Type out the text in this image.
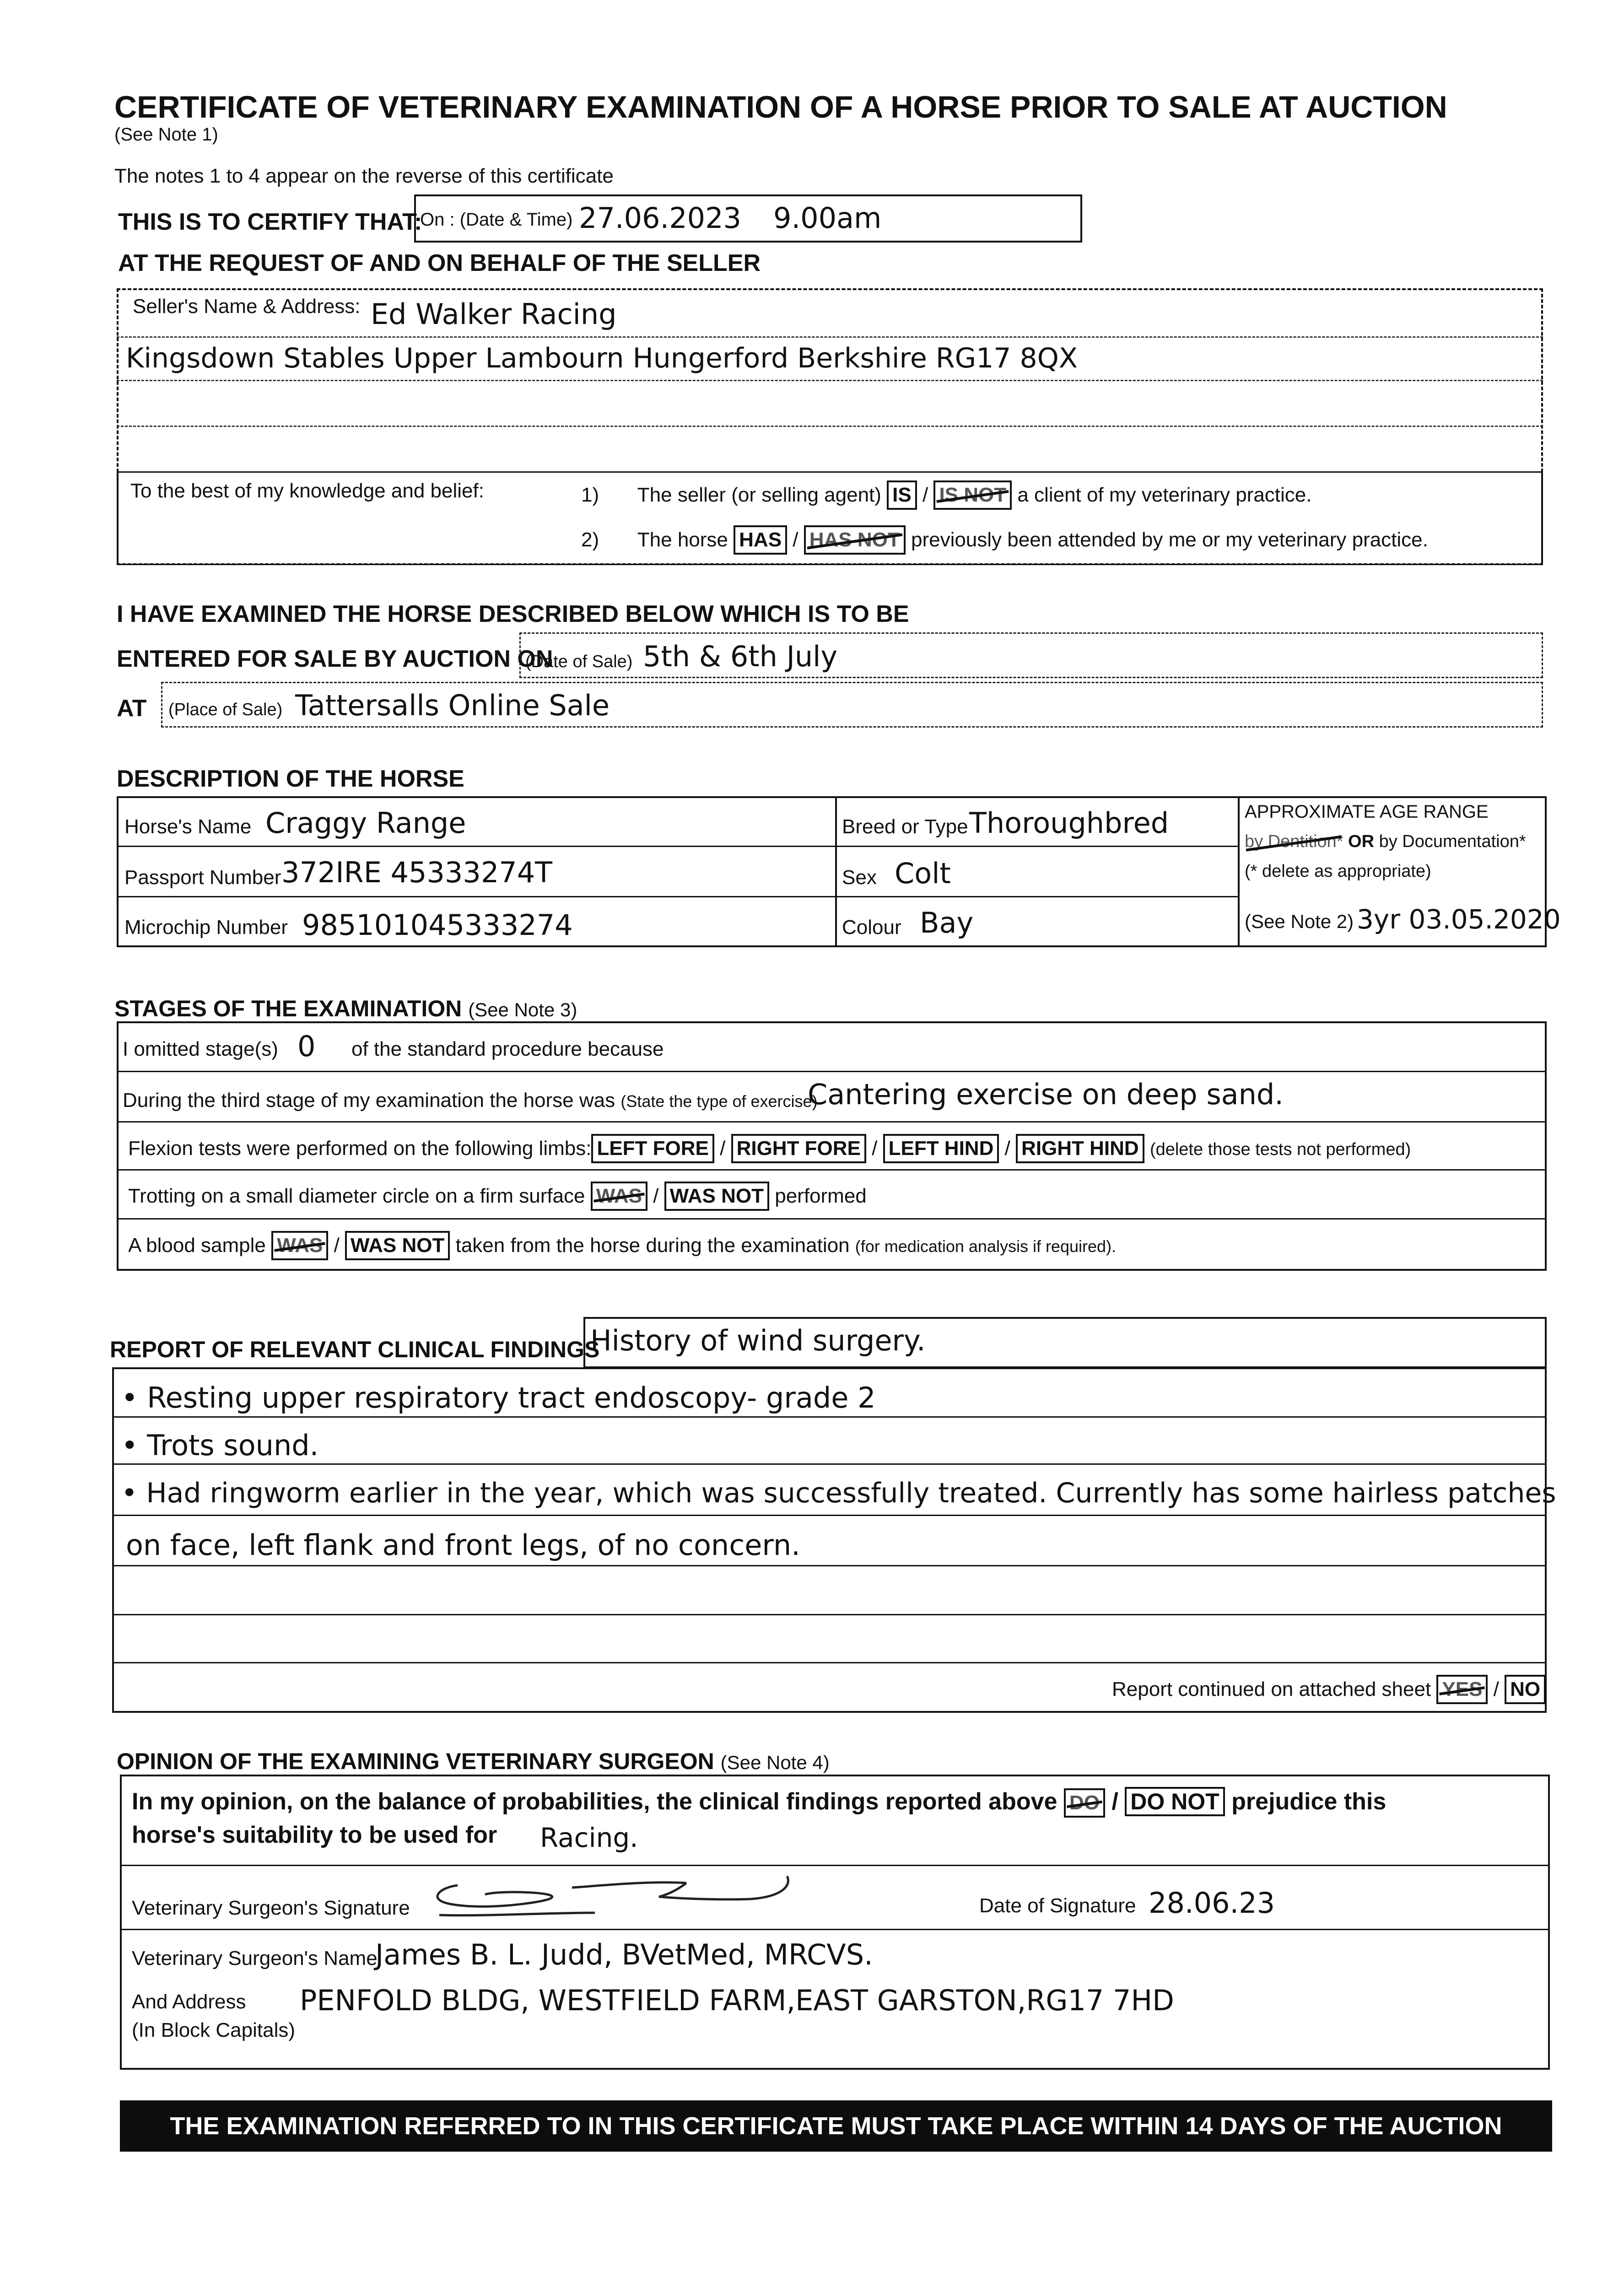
CERTIFICATE OF VETERINARY EXAMINATION OF A HORSE PRIOR TO SALE AT AUCTION
(See Note 1)
The notes 1 to 4 appear on the reverse of this certificate
THIS IS TO CERTIFY THAT:
On : (Date & Time) 27.06.2023 9.00am
AT THE REQUEST OF AND ON BEHALF OF THE SELLER
Seller's Name & Address: Ed Walker Racing
Kingsdown Stables Upper Lambourn Hungerford Berkshire RG17 8QX
To the best of my knowledge and belief:	1) The seller (or selling agent) IS / IS NOT a client of my veterinary practice.
2) The horse HAS / HAS NOT previously been attended by me or my veterinary practice.
I HAVE EXAMINED THE HORSE DESCRIBED BELOW WHICH IS TO BE
ENTERED FOR SALE BY AUCTION ON
(Date of Sale) 5th & 6th July
AT (Place of Sale) Tattersalls Online Sale
DESCRIPTION OF THE HORSE
Horse's Name Craggy Range	Breed or Type Thoroughbred
Passport Number 372IRE 45333274T	Sex Colt
Microchip Number 985101045333274	Colour Bay
APPROXIMATE AGE RANGE
by Dentition* OR by Documentation*
(* delete as appropriate)
(See Note 2) 3yr 03.05.2020
STAGES OF THE EXAMINATION (See Note 3)
I omitted stage(s) 0 of the standard procedure because
During the third stage of my examination the horse was (State the type of exercise)
Cantering exercise on deep sand.
Flexion tests were performed on the following limbs: LEFT FORE / RIGHT FORE / LEFT HIND / RIGHT HIND (delete those tests not performed)
Trotting on a small diameter circle on a firm surface WAS / WAS NOT performed
A blood sample WAS / WAS NOT taken from the horse during the examination (for medication analysis if required).
REPORT OF RELEVANT CLINICAL FINDINGS
History of wind surgery.
• Resting upper respiratory tract endoscopy- grade 2
• Trots sound.
• Had ringworm earlier in the year, which was successfully treated. Currently has some hairless patches
on face, left flank and front legs, of no concern.
Report continued on attached sheet YES / NO
OPINION OF THE EXAMINING VETERINARY SURGEON (See Note 4)
In my opinion, on the balance of probabilities, the clinical findings reported above DO / DO NOT prejudice this
horse's suitability to be used for Racing.
Veterinary Surgeon's Signature	Date of Signature 28.06.23
Veterinary Surgeon's Name
James B. L. Judd, BVetMed, MRCVS.
And Address
(In Block Capitals)
PENFOLD BLDG, WESTFIELD FARM,EAST GARSTON,RG17 7HD
THE EXAMINATION REFERRED TO IN THIS CERTIFICATE MUST TAKE PLACE WITHIN 14 DAYS OF THE AUCTION
